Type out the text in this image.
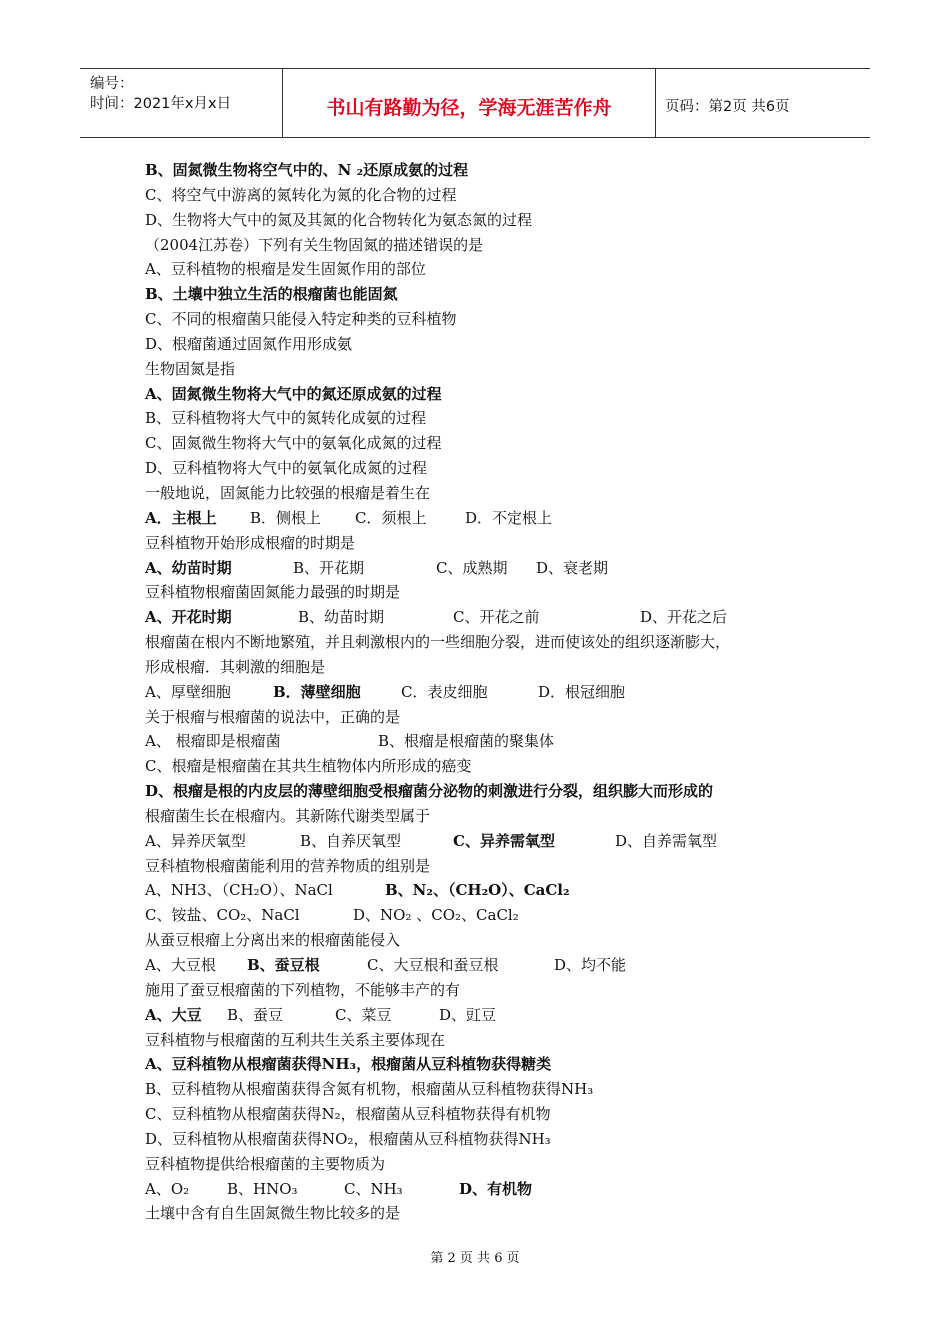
编号：
时间：2021年x月x日	书山有路勤为径，学海无涯苦作舟	页码：第2页 共6页
B、固氮微生物将空气中的、N ₂还原成氨的过程
C、将空气中游离的氮转化为氮的化合物的过程
D、生物将大气中的氮及其氮的化合物转化为氨态氮的过程
（2004江苏卷）下列有关生物固氮的描述错误的是
A、豆科植物的根瘤是发生固氮作用的部位
B、土壤中独立生活的根瘤菌也能固氮
C、不同的根瘤菌只能侵入特定种类的豆科植物
D、根瘤菌通过固氮作用形成氨
生物固氮是指
A、固氮微生物将大气中的氮还原成氨的过程
B、豆科植物将大气中的氮转化成氨的过程
C、固氮微生物将大气中的氨氧化成氮的过程
D、豆科植物将大气中的氨氧化成氮的过程
一般地说，固氮能力比较强的根瘤是着生在
A．主根上 B．侧根上 C．须根上	D．不定根上
豆科植物开始形成根瘤的时期是
A、幼苗时期	B、开花期	C、成熟期 D、衰老期
豆科植物根瘤菌固氮能力最强的时期是
A、开花时期	B、幼苗时期	C、开花之前	D、开花之后
根瘤菌在根内不断地繁殖，并且刺激根内的一些细胞分裂，进而使该处的组织逐渐膨大，
形成根瘤．其刺激的细胞是
A、厚壁细胞	B．薄壁细胞	C．表皮细胞	D．根冠细胞
关于根瘤与根瘤菌的说法中，正确的是
A、 根瘤即是根瘤菌	B、根瘤是根瘤菌的聚集体
C、根瘤是根瘤菌在其共生植物体内所形成的癌变
D、根瘤是根的内皮层的薄壁细胞受根瘤菌分泌物的刺激进行分裂，组织膨大而形成的
根瘤菌生长在根瘤内。其新陈代谢类型属于
A、异养厌氧型	B、自养厌氧型	C、异养需氧型	D、自养需氧型
豆科植物根瘤菌能利用的营养物质的组别是
A、NH3、（CH₂O）、NaCl	B、N₂、（CH₂O）、CaCl₂
C、铵盐、CO₂、NaCl	D、NO₂ 、CO₂、CaCl₂
从蚕豆根瘤上分离出来的根瘤菌能侵入
A、大豆根 B、蚕豆根	C、大豆根和蚕豆根	D、均不能
施用了蚕豆根瘤菌的下列植物，不能够丰产的有
A、大豆 B、蚕豆	C、菜豆	D、豇豆
豆科植物与根瘤菌的互利共生关系主要体现在
A、豆科植物从根瘤菌获得NH₃，根瘤菌从豆科植物获得糖类
B、豆科植物从根瘤菌获得含氮有机物，根瘤菌从豆科植物获得NH₃
C、豆科植物从根瘤菌获得N₂，根瘤菌从豆科植物获得有机物
D、豆科植物从根瘤菌获得NO₂，根瘤菌从豆科植物获得NH₃
豆科植物提供给根瘤菌的主要物质为
A、O₂	B、HNO₃	C、NH₃	D、有机物
土壤中含有自生固氮微生物比较多的是
第 2 页 共 6 页
